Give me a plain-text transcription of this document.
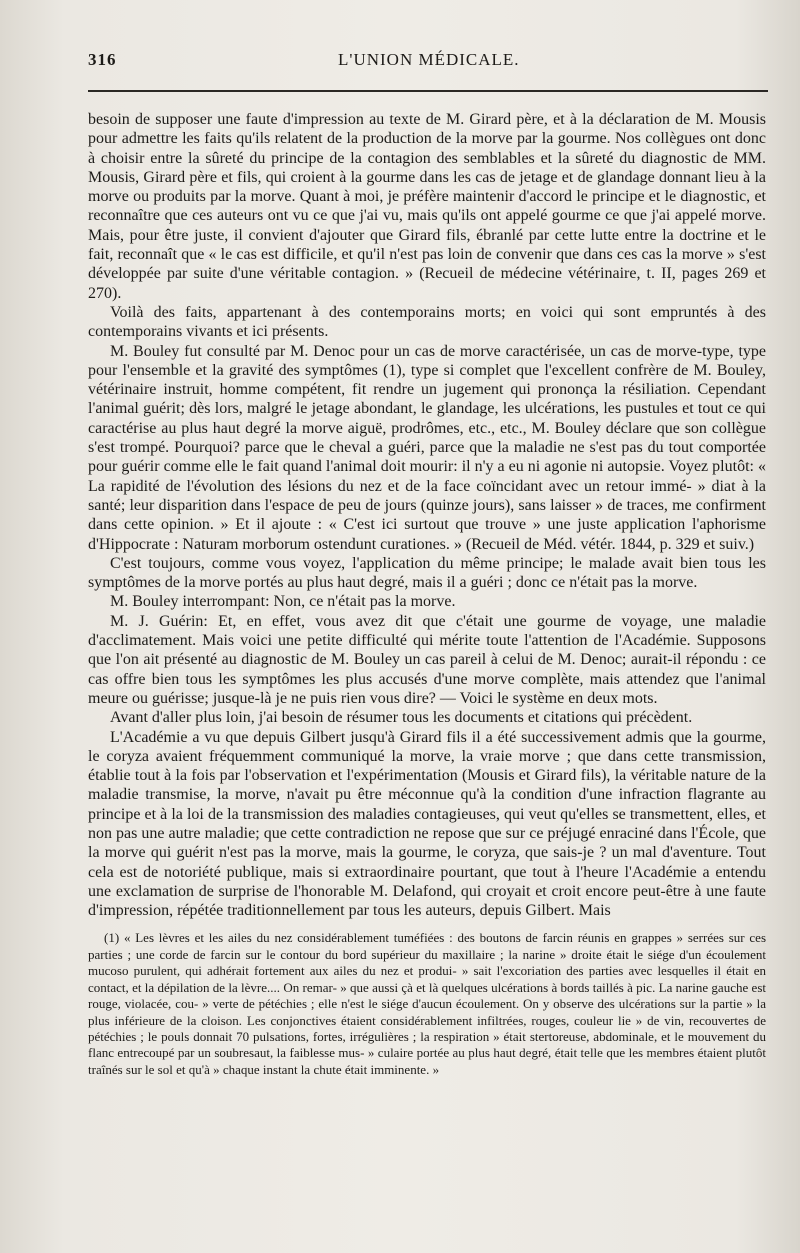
316	L'UNION MÉDICALE.

besoin de supposer une faute d'impression au texte de M. Girard père, et à la déclaration de M. Mousis pour admettre les faits qu'ils relatent de la production de la morve par la gourme. Nos collègues ont donc à choisir entre la sûreté du principe de la contagion des semblables et la sûreté du diagnostic de MM. Mousis, Girard père et fils, qui croient à la gourme dans les cas de jetage et de glandage donnant lieu à la morve ou produits par la morve. Quant à moi, je préfère maintenir d'accord le principe et le diagnostic, et reconnaître que ces auteurs ont vu ce que j'ai vu, mais qu'ils ont appelé gourme ce que j'ai appelé morve. Mais, pour être juste, il convient d'ajouter que Girard fils, ébranlé par cette lutte entre la doctrine et le fait, reconnaît que « le cas est difficile, et qu'il n'est pas loin de convenir que dans ces cas la morve » s'est développée par suite d'une véritable contagion. » (Recueil de médecine vétérinaire, t. II, pages 269 et 270).

Voilà des faits, appartenant à des contemporains morts; en voici qui sont empruntés à des contemporains vivants et ici présents.

M. Bouley fut consulté par M. Denoc pour un cas de morve caractérisée, un cas de morve-type, type pour l'ensemble et la gravité des symptômes (1), type si complet que l'excellent confrère de M. Bouley, vétérinaire instruit, homme compétent, fit rendre un jugement qui prononça la résiliation. Cependant l'animal guérit; dès lors, malgré le jetage abondant, le glandage, les ulcérations, les pustules et tout ce qui caractérise au plus haut degré la morve aiguë, prodrômes, etc., etc., M. Bouley déclare que son collègue s'est trompé. Pourquoi? parce que le cheval a guéri, parce que la maladie ne s'est pas du tout comportée pour guérir comme elle le fait quand l'animal doit mourir: il n'y a eu ni agonie ni autopsie. Voyez plutôt: « La rapidité de l'évolution des lésions du nez et de la face coïncidant avec un retour immé- » diat à la santé; leur disparition dans l'espace de peu de jours (quinze jours), sans laisser » de traces, me confirment dans cette opinion. » Et il ajoute : « C'est ici surtout que trouve » une juste application l'aphorisme d'Hippocrate : Naturam morborum ostendunt curationes. » (Recueil de Méd. vétér. 1844, p. 329 et suiv.)

C'est toujours, comme vous voyez, l'application du même principe; le malade avait bien tous les symptômes de la morve portés au plus haut degré, mais il a guéri ; donc ce n'était pas la morve.

M. Bouley interrompant: Non, ce n'était pas la morve.

M. J. Guérin: Et, en effet, vous avez dit que c'était une gourme de voyage, une maladie d'acclimatement. Mais voici une petite difficulté qui mérite toute l'attention de l'Académie. Supposons que l'on ait présenté au diagnostic de M. Bouley un cas pareil à celui de M. Denoc; aurait-il répondu : ce cas offre bien tous les symptômes les plus accusés d'une morve complète, mais attendez que l'animal meure ou guérisse; jusque-là je ne puis rien vous dire? — Voici le système en deux mots.

Avant d'aller plus loin, j'ai besoin de résumer tous les documents et citations qui précèdent.

L'Académie a vu que depuis Gilbert jusqu'à Girard fils il a été successivement admis que la gourme, le coryza avaient fréquemment communiqué la morve, la vraie morve ; que dans cette transmission, établie tout à la fois par l'observation et l'expérimentation (Mousis et Girard fils), la véritable nature de la maladie transmise, la morve, n'avait pu être méconnue qu'à la condition d'une infraction flagrante au principe et à la loi de la transmission des maladies contagieuses, qui veut qu'elles se transmettent, elles, et non pas une autre maladie; que cette contradiction ne repose que sur ce préjugé enraciné dans l'École, que la morve qui guérit n'est pas la morve, mais la gourme, le coryza, que sais-je ? un mal d'aventure. Tout cela est de notoriété publique, mais si extraordinaire pourtant, que tout à l'heure l'Académie a entendu une exclamation de surprise de l'honorable M. Delafond, qui croyait et croit encore peut-être à une faute d'impression, répétée traditionnellement par tous les auteurs, depuis Gilbert. Mais

(1) « Les lèvres et les ailes du nez considérablement tuméfiées : des boutons de farcin réunis en grappes » serrées sur ces parties ; une corde de farcin sur le contour du bord supérieur du maxillaire ; la narine » droite était le siége d'un écoulement mucoso purulent, qui adhérait fortement aux ailes du nez et produi- » sait l'excoriation des parties avec lesquelles il était en contact, et la dépilation de la lèvre.... On remar- » que aussi çà et là quelques ulcérations à bords taillés à pic. La narine gauche est rouge, violacée, cou- » verte de pétéchies ; elle n'est le siége d'aucun écoulement. On y observe des ulcérations sur la partie » la plus inférieure de la cloison. Les conjonctives étaient considérablement infiltrées, rouges, couleur lie » de vin, recouvertes de pétéchies ; le pouls donnait 70 pulsations, fortes, irrégulières ; la respiration » était stertoreuse, abdominale, et le mouvement du flanc entrecoupé par un soubresaut, la faiblesse mus- » culaire portée au plus haut degré, était telle que les membres étaient plutôt traînés sur le sol et qu'à » chaque instant la chute était imminente. »
